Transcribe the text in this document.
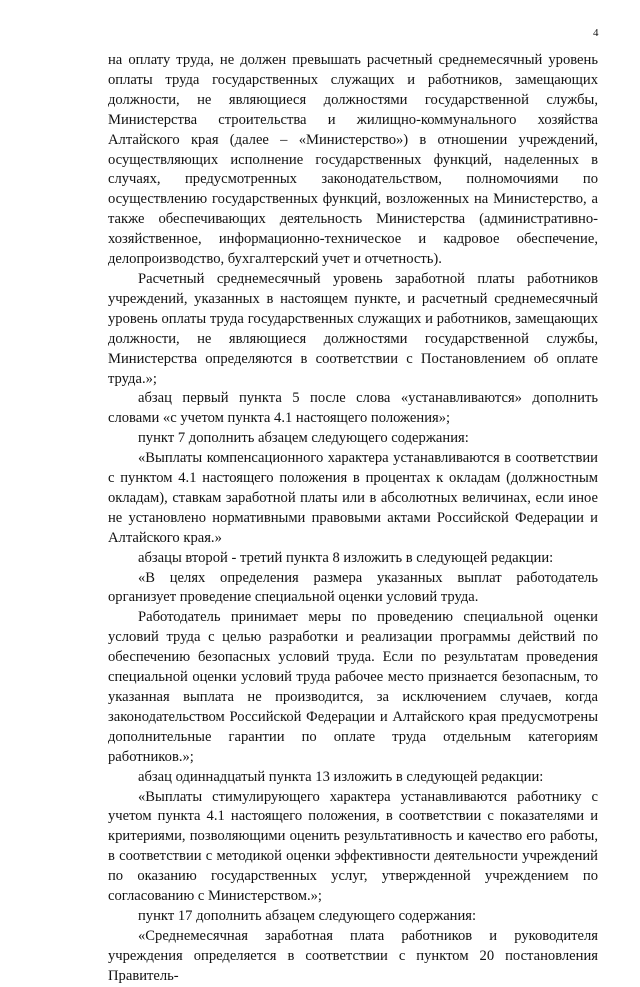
4

на оплату труда, не должен превышать расчетный среднемесячный уровень оплаты труда государственных служащих и работников, замещающих должности, не являющиеся должностями государственной службы, Министерства строительства и жилищно-коммунального хозяйства Алтайского края (далее – «Министерство») в отношении учреждений, осуществляющих исполнение государственных функций, наделенных в случаях, предусмотренных законодательством, полномочиями по осуществлению государственных функций, возложенных на Министерство, а также обеспечивающих деятельность Министерства (административно-хозяйственное, информационно-техническое и кадровое обеспечение, делопроизводство, бухгалтерский учет и отчетность).

Расчетный среднемесячный уровень заработной платы работников учреждений, указанных в настоящем пункте, и расчетный среднемесячный уровень оплаты труда государственных служащих и работников, замещающих должности, не являющиеся должностями государственной службы, Министерства определяются в соответствии с Постановлением об оплате труда.»;

абзац первый пункта 5 после слова «устанавливаются» дополнить словами «с учетом пункта 4.1 настоящего положения»;

пункт 7 дополнить абзацем следующего содержания:

«Выплаты компенсационного характера устанавливаются в соответствии с пунктом 4.1 настоящего положения в процентах к окладам (должностным окладам), ставкам заработной платы или в абсолютных величинах, если иное не установлено нормативными правовыми актами Российской Федерации и Алтайского края.»

абзацы второй - третий пункта 8 изложить в следующей редакции:

«В целях определения размера указанных выплат работодатель организует проведение специальной оценки условий труда.

Работодатель принимает меры по проведению специальной оценки условий труда с целью разработки и реализации программы действий по обеспечению безопасных условий труда. Если по результатам проведения специальной оценки условий труда рабочее место признается безопасным, то указанная выплата не производится, за исключением случаев, когда законодательством Российской Федерации и Алтайского края предусмотрены дополнительные гарантии по оплате труда отдельным категориям работников.»;

абзац одиннадцатый пункта 13 изложить в следующей редакции:

«Выплаты стимулирующего характера устанавливаются работнику с учетом пункта 4.1 настоящего положения, в соответствии с показателями и критериями, позволяющими оценить результативность и качество его работы, в соответствии с методикой оценки эффективности деятельности учреждений по оказанию государственных услуг, утвержденной учреждением по согласованию с Министерством.»;

пункт 17 дополнить абзацем следующего содержания:

«Среднемесячная заработная плата работников и руководителя учреждения определяется в соответствии с пунктом 20 постановления Правитель-
